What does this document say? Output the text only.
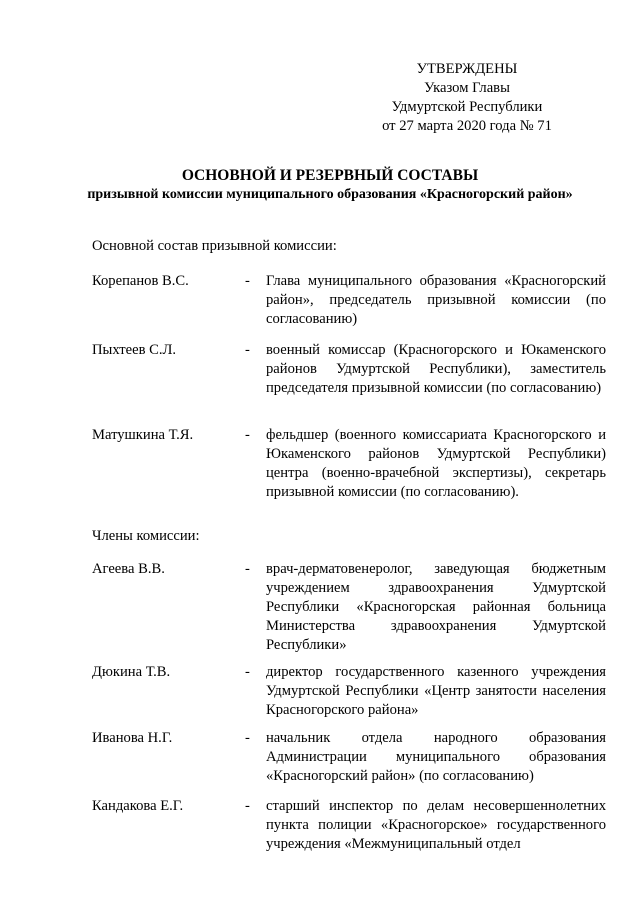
УТВЕРЖДЕНЫ
Указом Главы
Удмуртской Республики
от 27 марта 2020 года № 71
ОСНОВНОЙ И РЕЗЕРВНЫЙ СОСТАВЫ
призывной комиссии муниципального образования «Красногорский район»
Основной состав призывной комиссии:
Корепанов В.С.	- Глава муниципального образования «Красногорский район», председатель призывной комиссии (по согласованию)
Пыхтеев С.Л.	- военный комиссар (Красногорского и Юкаменского районов Удмуртской Республики), заместитель председателя призывной комиссии (по согласованию)
Матушкина Т.Я.	- фельдшер (военного комиссариата Красногорского и Юкаменского районов Удмуртской Республики) центра (военно-врачебной экспертизы), секретарь призывной комиссии (по согласованию).
Члены комиссии:
Агеева В.В.	- врач-дерматовенеролог, заведующая бюджетным учреждением здравоохранения Удмуртской Республики «Красногорская районная больница Министерства здравоохранения Удмуртской Республики»
Дюкина Т.В.	- директор государственного казенного учреждения Удмуртской Республики «Центр занятости населения Красногорского района»
Иванова Н.Г.	- начальник отдела народного образования Администрации муниципального образования «Красногорский район» (по согласованию)
Кандакова Е.Г.	- старший инспектор по делам несовершеннолетних пункта полиции «Красногорское» государственного учреждения «Межмуниципальный отдел
